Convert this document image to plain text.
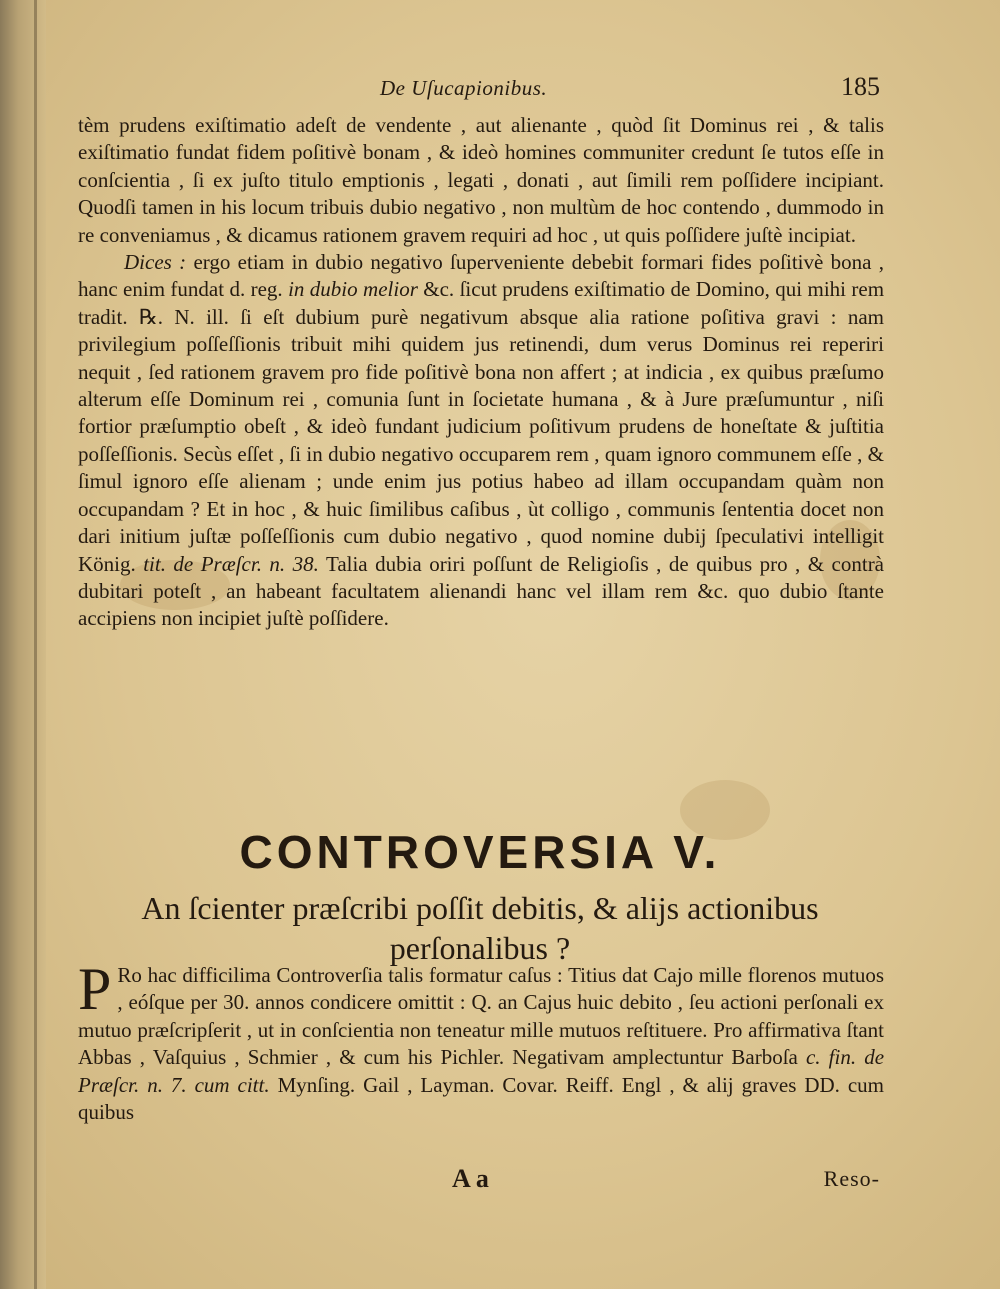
De Uſucapionibus.	185

tèm prudens exiſtimatio adeſt de vendente , aut alienante , quòd ſit Dominus rei , & talis exiſtimatio fundat fidem poſitivè bonam , & ideò homines communiter credunt ſe tutos eſſe in conſcientia , ſi ex juſto titulo emptionis , legati , donati , aut ſimili rem poſſidere incipiant. Quodſi tamen in his locum tribuis dubio negativo , non multùm de hoc contendo , dummodo in re conveniamus , & dicamus rationem gravem requiri ad hoc , ut quis poſſidere juſtè incipiat.

Dices : ergo etiam in dubio negativo ſuperveniente debebit formari fides poſitivè bona , hanc enim fundat d. reg. in dubio melior &c. ſicut prudens exiſtimatio de Domino, qui mihi rem tradit. ℞. N. ill. ſi eſt dubium purè negativum absque alia ratione poſitiva gravi : nam privilegium poſſeſſionis tribuit mihi quidem jus retinendi, dum verus Dominus rei reperiri nequit , ſed rationem gravem pro fide poſitivè bona non affert ; at indicia , ex quibus præſumo alterum eſſe Dominum rei , comunia ſunt in ſocietate humana , & à Jure præſumuntur , niſi fortior præſumptio obeſt , & ideò fundant judicium poſitivum prudens de honeſtate & juſtitia poſſeſſionis. Secùs eſſet , ſi in dubio negativo occuparem rem , quam ignoro communem eſſe , & ſimul ignoro eſſe alienam ; unde enim jus potius habeo ad illam occupandam quàm non occupandam ? Et in hoc , & huic ſimilibus caſibus , ùt colligo , communis ſententia docet non dari initium juſtæ poſſeſſionis cum dubio negativo , quod nomine dubij ſpeculativi intelligit König. tit. de Præſcr. n. 38. Talia dubia oriri poſſunt de Religioſis , de quibus pro , & contrà dubitari poteſt , an habeant facultatem alienandi hanc vel illam rem &c. quo dubio ſtante accipiens non incipiet juſtè poſſidere.

CONTROVERSIA V.
An ſcienter præſcribi poſſit debitis, & alijs actionibus perſonalibus ?

P Ro hac difficilima Controverſia talis formatur caſus : Titius dat Cajo mille florenos mutuos , eóſque per 30. annos condicere omittit : Q. an Cajus huic debito , ſeu actioni perſonali ex mutuo præſcripſerit , ut in conſcientia non teneatur mille mutuos reſtituere. Pro affirmativa ſtant Abbas , Vaſquius , Schmier , & cum his Pichler. Negativam amplectuntur Barboſa c. fin. de Præſcr. n. 7. cum citt. Mynſing. Gail , Layman. Covar. Reiff. Engl , & alij graves DD. cum quibus

A a	Reso-
